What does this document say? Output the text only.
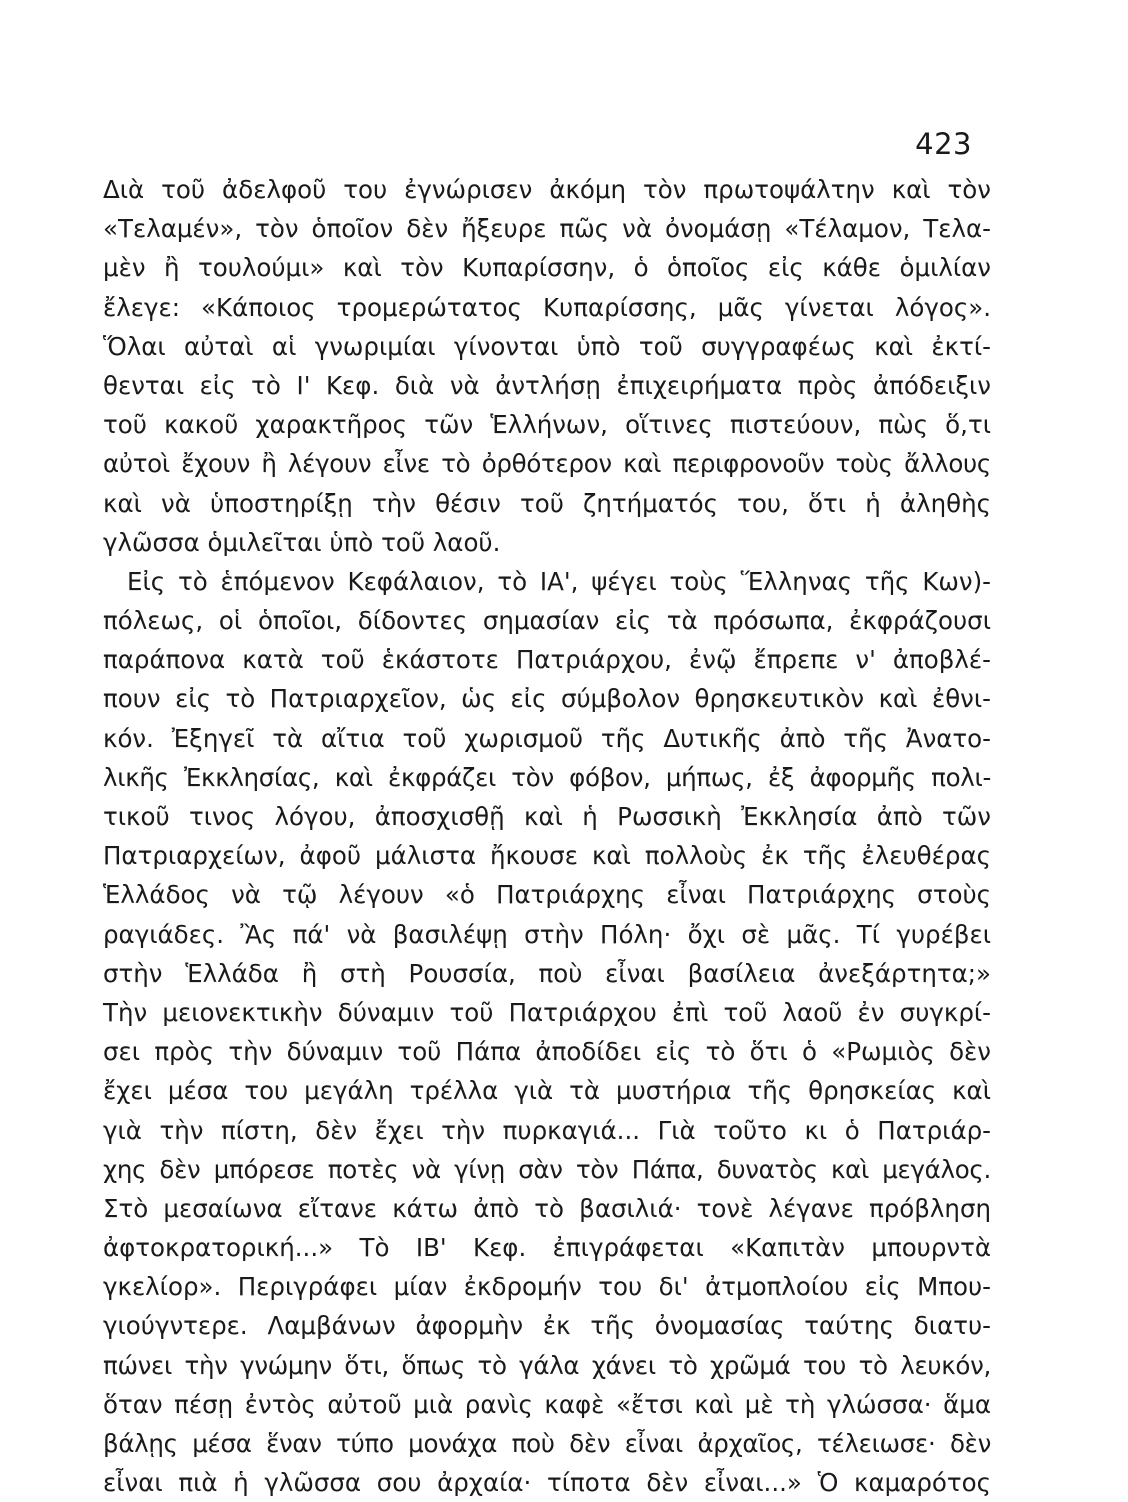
423
Διὰ τοῦ ἀδελφοῦ του ἐγνώρισεν ἀκόμη τὸν πρωτοψάλτην καὶ τὸν
«Τελαμέν», τὸν ὁποῖον δὲν ἤξευρε πῶς νὰ ὀνομάσῃ «Τέλαμον, Τελα-
μὲν ἢ τουλούμι» καὶ τὸν Κυπαρίσσην, ὁ ὁποῖος εἰς κάθε ὁμιλίαν
ἔλεγε: «Κάποιος τρομερώτατος Κυπαρίσσης, μᾶς γίνεται λόγος».
Ὅλαι αὐταὶ αἱ γνωριμίαι γίνονται ὑπὸ τοῦ συγγραφέως καὶ ἐκτί-
θενται εἰς τὸ Ι' Κεφ. διὰ νὰ ἀντλήσῃ ἐπιχειρήματα πρὸς ἀπόδειξιν
τοῦ κακοῦ χαρακτῆρος τῶν Ἑλλήνων, οἵτινες πιστεύουν, πὼς ὅ,τι
αὐτοὶ ἔχουν ἢ λέγουν εἶνε τὸ ὀρθότερον καὶ περιφρονοῦν τοὺς ἄλλους
καὶ νὰ ὑποστηρίξῃ τὴν θέσιν τοῦ ζητήματός του, ὅτι ἡ ἀληθὴς
γλῶσσα ὁμιλεῖται ὑπὸ τοῦ λαοῦ.
Εἰς τὸ ἑπόμενον Κεφάλαιον, τὸ ΙΑ', ψέγει τοὺς Ἕλληνας τῆς Κων)-
πόλεως, οἱ ὁποῖοι, δίδοντες σημασίαν εἰς τὰ πρόσωπα, ἐκφράζουσι
παράπονα κατὰ τοῦ ἑκάστοτε Πατριάρχου, ἐνῷ ἔπρεπε ν' ἀποβλέ-
πουν εἰς τὸ Πατριαρχεῖον, ὡς εἰς σύμβολον θρησκευτικὸν καὶ ἐθνι-
κόν. Ἐξηγεῖ τὰ αἴτια τοῦ χωρισμοῦ τῆς Δυτικῆς ἀπὸ τῆς Ἀνατο-
λικῆς Ἐκκλησίας, καὶ ἐκφράζει τὸν φόβον, μήπως, ἐξ ἀφορμῆς πολι-
τικοῦ τινος λόγου, ἀποσχισθῇ καὶ ἡ Ρωσσικὴ Ἐκκλησία ἀπὸ τῶν
Πατριαρχείων, ἀφοῦ μάλιστα ἤκουσε καὶ πολλοὺς ἐκ τῆς ἐλευθέρας
Ἑλλάδος νὰ τῷ λέγουν «ὁ Πατριάρχης εἶναι Πατριάρχης στοὺς
ραγιάδες. Ἂς πά' νὰ βασιλέψῃ στὴν Πόλη· ὄχι σὲ μᾶς. Τί γυρέβει
στὴν Ἑλλάδα ἢ στὴ Ρουσσία, ποὺ εἶναι βασίλεια ἀνεξάρτητα;»
Τὴν μειονεκτικὴν δύναμιν τοῦ Πατριάρχου ἐπὶ τοῦ λαοῦ ἐν συγκρί-
σει πρὸς τὴν δύναμιν τοῦ Πάπα ἀποδίδει εἰς τὸ ὅτι ὁ «Ρωμιὸς δὲν
ἔχει μέσα του μεγάλη τρέλλα γιὰ τὰ μυστήρια τῆς θρησκείας καὶ
γιὰ τὴν πίστη, δὲν ἔχει τὴν πυρκαγιά... Γιὰ τοῦτο κι ὁ Πατριάρ-
χης δὲν μπόρεσε ποτὲς νὰ γίνῃ σὰν τὸν Πάπα, δυνατὸς καὶ μεγάλος.
Στὸ μεσαίωνα εἴτανε κάτω ἀπὸ τὸ βασιλιά· τονὲ λέγανε πρόβληση
ἀφτοκρατορική...» Τὸ ΙΒ' Κεφ. ἐπιγράφεται «Καπιτὰν μπουρντὰ
γκελίορ». Περιγράφει μίαν ἐκδρομήν του δι' ἀτμοπλοίου εἰς Μπου-
γιούγντερε. Λαμβάνων ἀφορμὴν ἐκ τῆς ὀνομασίας ταύτης διατυ-
πώνει τὴν γνώμην ὅτι, ὅπως τὸ γάλα χάνει τὸ χρῶμά του τὸ λευκόν,
ὅταν πέσῃ ἐντὸς αὐτοῦ μιὰ ρανὶς καφὲ «ἔτσι καὶ μὲ τὴ γλώσσα· ἅμα
βάλῃς μέσα ἕναν τύπο μονάχα ποὺ δὲν εἶναι ἀρχαῖος, τέλειωσε· δὲν
εἶναι πιὰ ἡ γλῶσσα σου ἀρχαία· τίποτα δὲν εἶναι...» Ὁ καμαρότος
